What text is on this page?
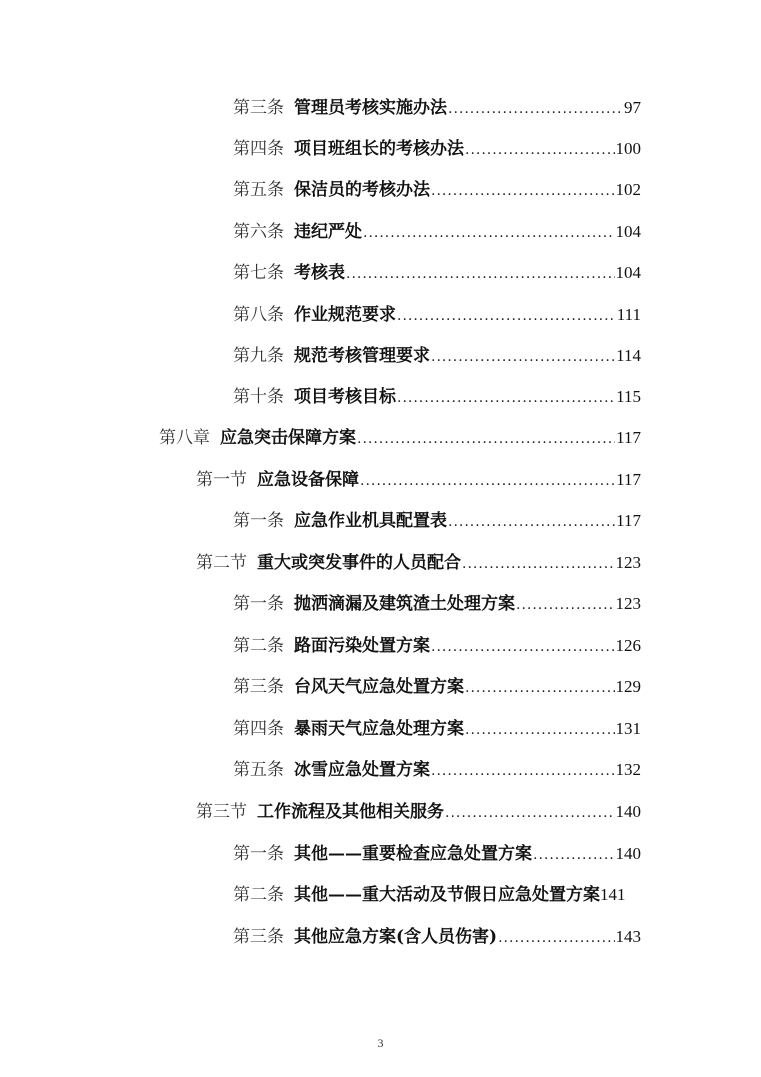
第三条 管理员考核实施办法 .....	97
第四条 项目班组长的考核办法 .....	100
第五条 保洁员的考核办法 .....	102
第六条 违纪严处 .....	104
第七条 考核表 .....	104
第八条 作业规范要求 .....	111
第九条 规范考核管理要求 .....	114
第十条 项目考核目标 .....	115
第八章 应急突击保障方案 .....	117
第一节 应急设备保障 .....	117
第一条 应急作业机具配置表 .....	117
第二节 重大或突发事件的人员配合 .....	123
第一条 抛洒滴漏及建筑渣土处理方案 .....	123
第二条 路面污染处置方案 .....	126
第三条 台风天气应急处置方案 .....	129
第四条 暴雨天气应急处理方案 .....	131
第五条 冰雪应急处置方案 .....	132
第三节 工作流程及其他相关服务 .....	140
第一条 其他——重要检查应急处置方案 .....	140
第二条 其他——重大活动及节假日应急处置方案 141
第三条 其他应急方案(含人员伤害) .....	143
3
